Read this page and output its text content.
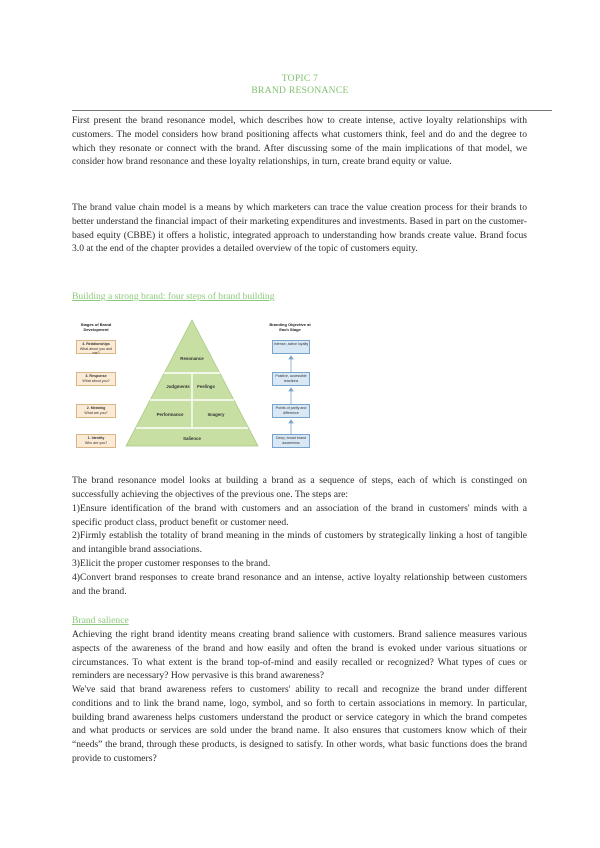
TOPIC 7
BRAND RESONANCE

First present the brand resonance model, which describes how to create intense, active loyalty relationships with customers. The model considers how brand positioning affects what customers think, feel and do and the degree to which they resonate or connect with the brand. After discussing some of the main implications of that model, we consider how brand resonance and these loyalty relationships, in turn, create brand equity or value.

The brand value chain model is a means by which marketers can trace the value creation process for their brands to better understand the financial impact of their marketing expenditures and investments. Based in part on the customer-based equity (CBBE) it offers a holistic, integrated approach to understanding how brands create value. Brand focus 3.0 at the end of the chapter provides a detailed overview of the topic of customers equity.

Building a strong brand: four steps of brand building
Stages of Brand Development
Branding Objective at Each Stage
4. Relationships
What about you and me?
3. Response
What about you?
2. Meaning
What are you?
1. Identity
Who are you?
Resonance
Judgments Feelings
Performance	Imagery
Salience
Intense, active loyalty
Positive, accessible reactions
Points of parity and difference
Deep, broad brand awareness

The brand resonance model looks at building a brand as a sequence of steps, each of which is constinged on successfully achieving the objectives of the previous one. The steps are:

1)Ensure identification of the brand with customers and an association of the brand in customers' minds with a specific product class, product benefit or customer need.

2)Firmly establish the totality of brand meaning in the minds of customers by strategically linking a host of tangible and intangible brand associations.

3)Elicit the proper customer responses to the brand.

4)Convert brand responses to create brand resonance and an intense, active loyalty relationship between customers and the brand.

Brand salience

Achieving the right brand identity means creating brand salience with customers. Brand salience measures various aspects of the awareness of the brand and how easily and often the brand is evoked under various situations or circumstances. To what extent is the brand top-of-mind and easily recalled or recognized? What types of cues or reminders are necessary? How pervasive is this brand awareness?

We've said that brand awareness refers to customers' ability to recall and recognize the brand under different conditions and to link the brand name, logo, symbol, and so forth to certain associations in memory. In particular, building brand awareness helps customers understand the product or service category in which the brand competes and what products or services are sold under the brand name. It also ensures that customers know which of their “needs” the brand, through these products, is designed to satisfy. In other words, what basic functions does the brand provide to customers?
